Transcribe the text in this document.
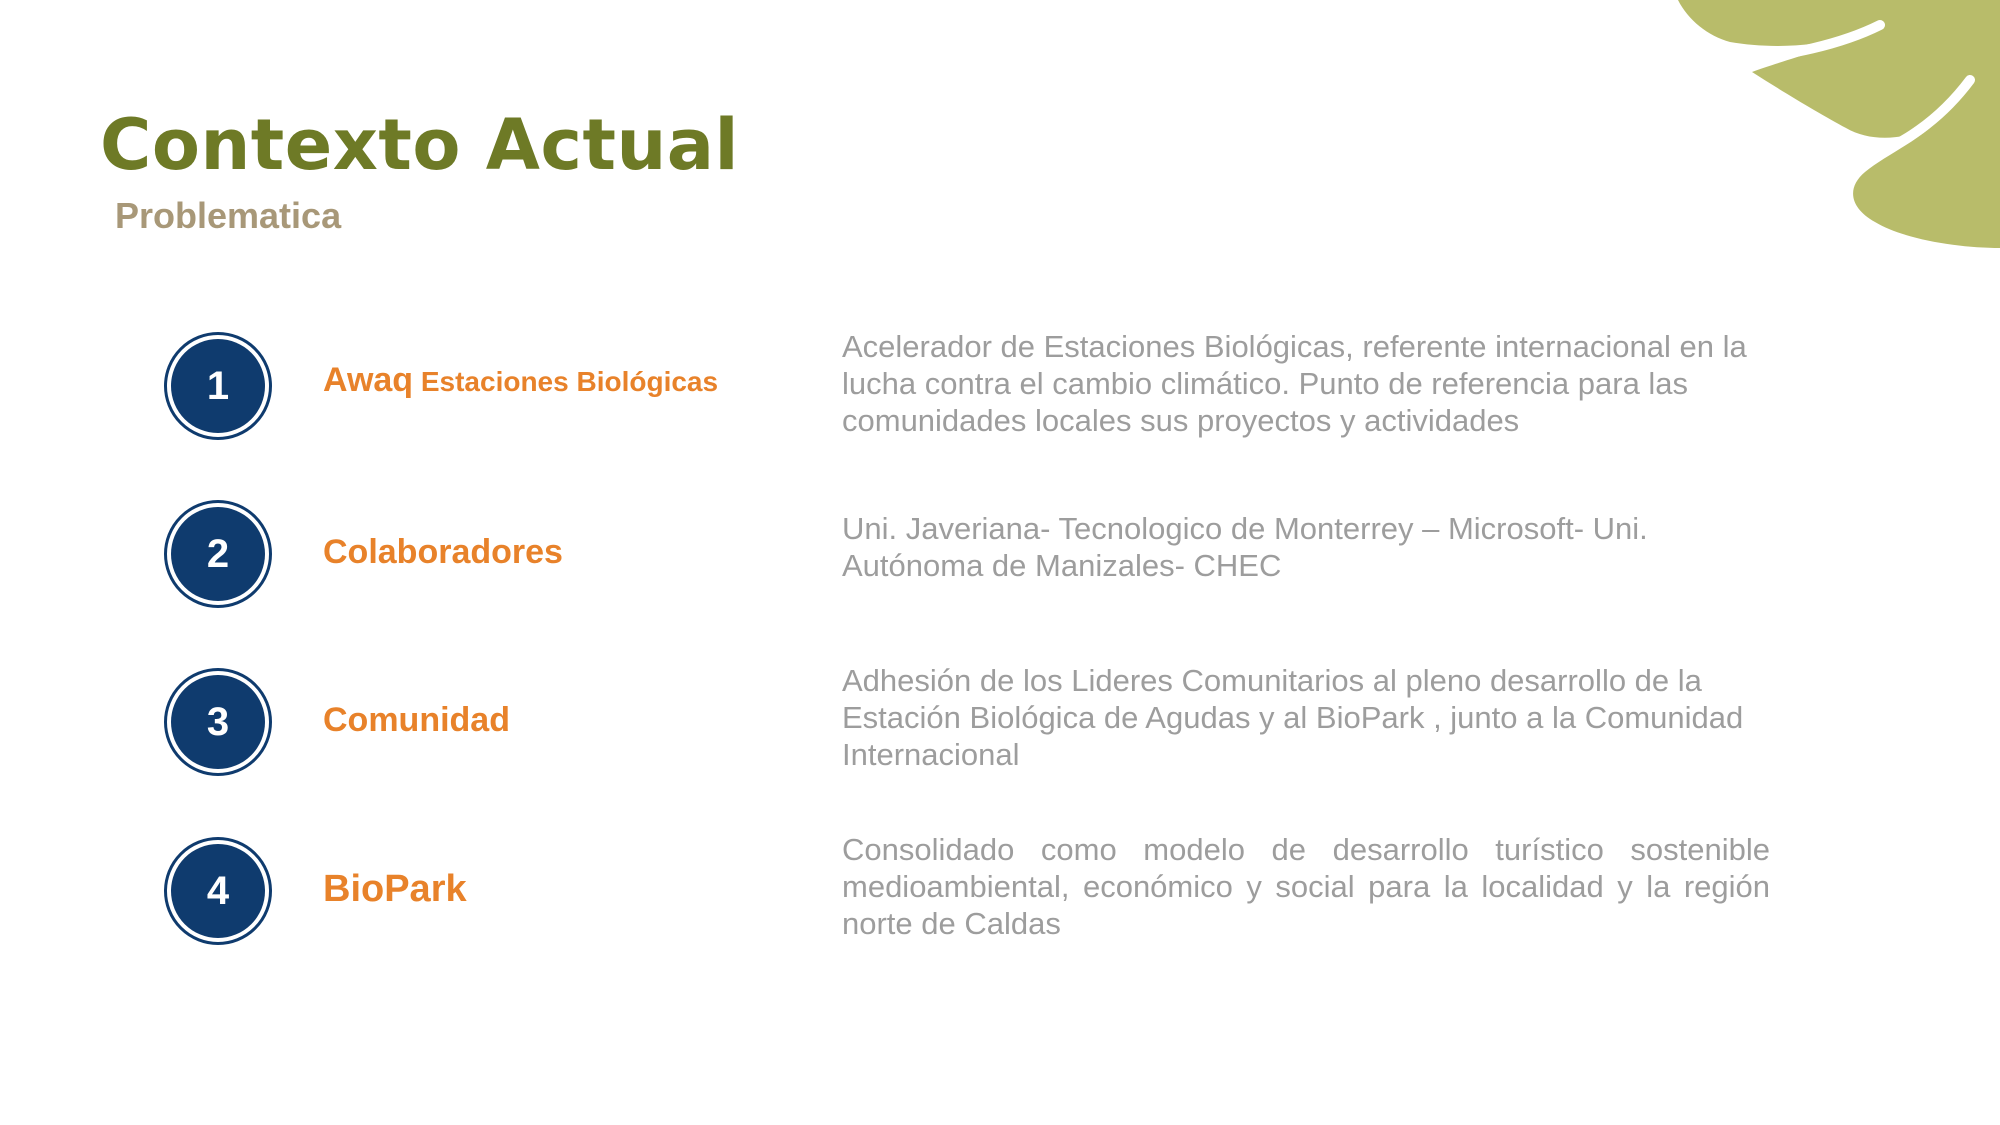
Contexto Actual
Problematica
1	Awaq Estaciones Biológicas

Acelerador de Estaciones Biológicas, referente internacional en la lucha contra el cambio climático. Punto de referencia para las comunidades locales sus proyectos y actividades

2	Colaboradores

Uni. Javeriana- Tecnologico de Monterrey – Microsoft- Uni. Autónoma de Manizales- CHEC

3	Comunidad

Adhesión de los Lideres Comunitarios al pleno desarrollo de la Estación Biológica de Agudas y al BioPark , junto a la Comunidad Internacional

4	BioPark

Consolidado como modelo de desarrollo turístico sostenible medioambiental, económico y social para la localidad y la región norte de Caldas
